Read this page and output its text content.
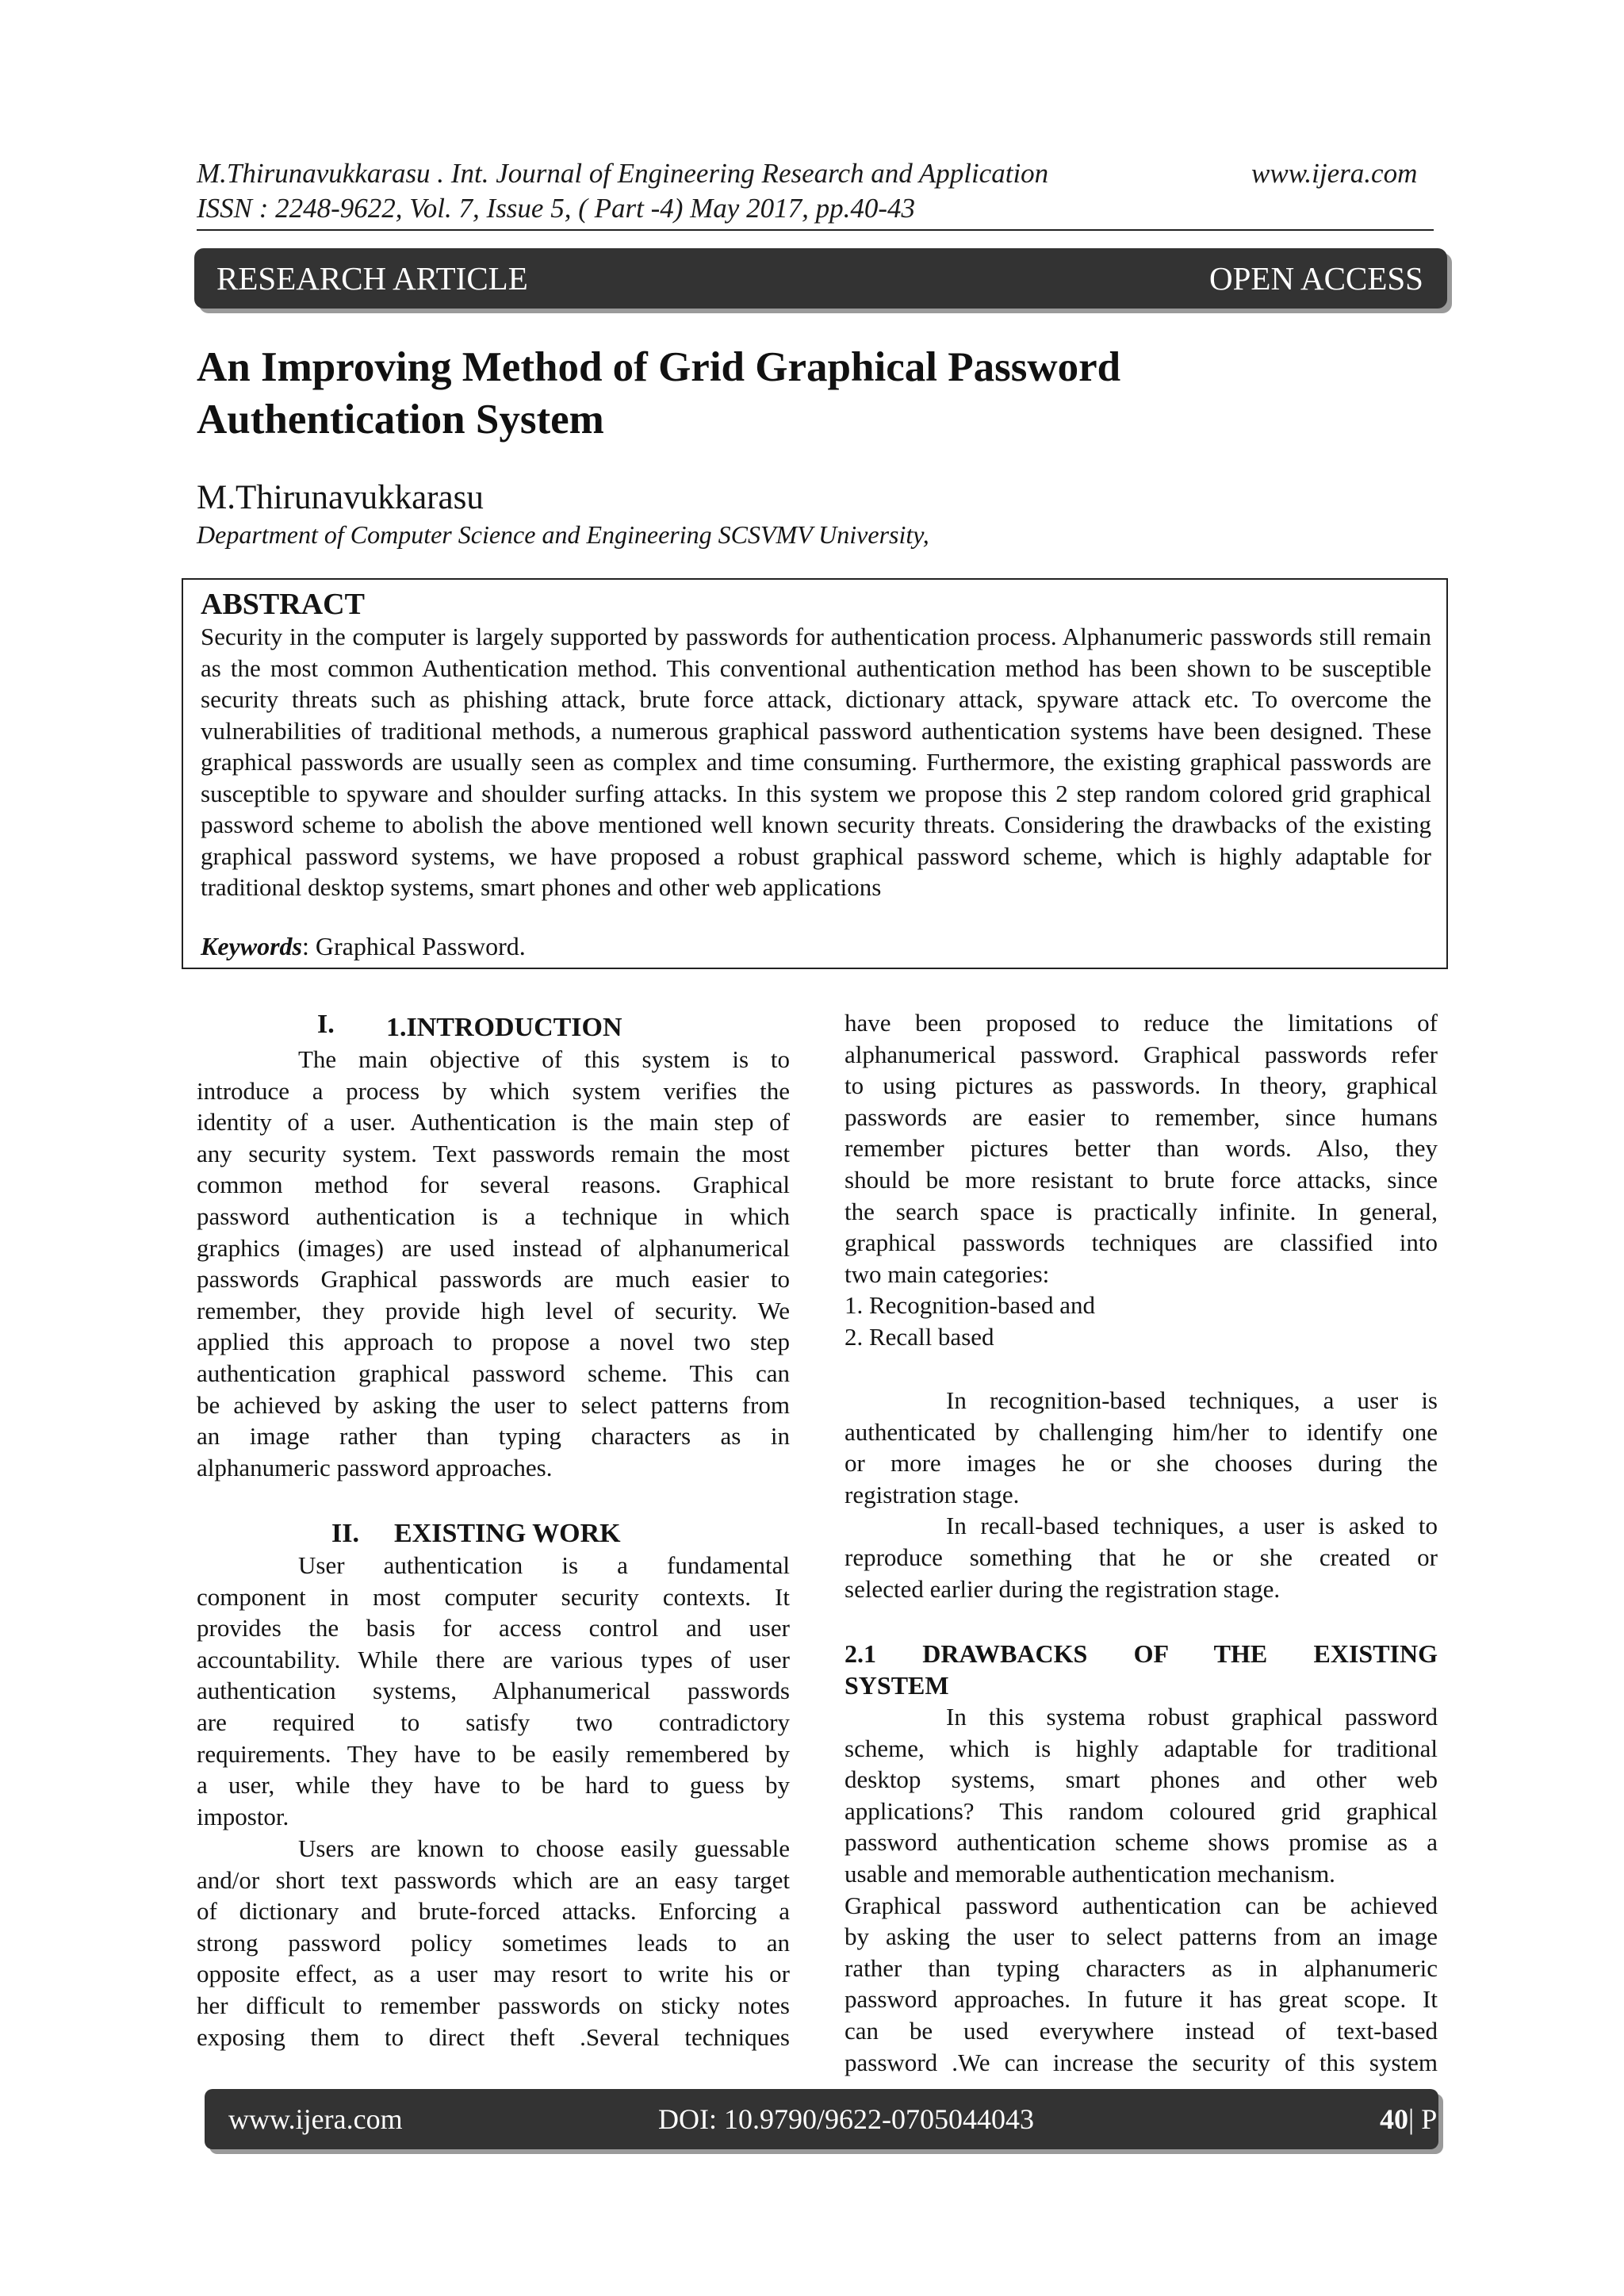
M.Thirunavukkarasu . Int. Journal of Engineering Research and Application	www.ijera.com
ISSN : 2248-9622, Vol. 7, Issue 5, ( Part -4) May 2017, pp.40-43
RESEARCH ARTICLE	OPEN ACCESS
An Improving Method of Grid Graphical Password
Authentication System
M.Thirunavukkarasu
Department of Computer Science and Engineering SCSVMV University,
ABSTRACT
Security in the computer is largely supported by passwords for authentication process. Alphanumeric passwords still remain as the most common Authentication method. This conventional authentication method has been shown to be susceptible security threats such as phishing attack, brute force attack, dictionary attack, spyware attack etc. To overcome the vulnerabilities of traditional methods, a numerous graphical password authentication systems have been designed. These graphical passwords are usually seen as complex and time consuming. Furthermore, the existing graphical passwords are susceptible to spyware and shoulder surfing attacks. In this system we propose this 2 step random colored grid graphical password scheme to abolish the above mentioned well known security threats. Considering the drawbacks of the existing graphical password systems, we have proposed a robust graphical password scheme, which is highly adaptable for traditional desktop systems, smart phones and other web applications
Keywords: Graphical Password.
I. 1.INTRODUCTION
The main objective of this system is to
introduce a process by which system verifies the
identity of a user. Authentication is the main step of
any security system. Text passwords remain the most
common method for several reasons. Graphical
password authentication is a technique in which
graphics (images) are used instead of alphanumerical
passwords Graphical passwords are much easier to
remember, they provide high level of security. We
applied this approach to propose a novel two step
authentication graphical password scheme. This can
be achieved by asking the user to select patterns from
an image rather than typing characters as in
alphanumeric password approaches.
II. EXISTING WORK
User authentication is a fundamental
component in most computer security contexts. It
provides the basis for access control and user
accountability. While there are various types of user
authentication systems, Alphanumerical passwords
are required to satisfy two contradictory
requirements. They have to be easily remembered by
a user, while they have to be hard to guess by
impostor.
Users are known to choose easily guessable
and/or short text passwords which are an easy target
of dictionary and brute-forced attacks. Enforcing a
strong password policy sometimes leads to an
opposite effect, as a user may resort to write his or
her difficult to remember passwords on sticky notes
exposing them to direct theft .Several techniques
have been proposed to reduce the limitations of
alphanumerical password. Graphical passwords refer
to using pictures as passwords. In theory, graphical
passwords are easier to remember, since humans
remember pictures better than words. Also, they
should be more resistant to brute force attacks, since
the search space is practically infinite. In general,
graphical passwords techniques are classified into
two main categories:
1. Recognition-based and
2. Recall based
In recognition-based techniques, a user is
authenticated by challenging him/her to identify one
or more images he or she chooses during the
registration stage.
In recall-based techniques, a user is asked to
reproduce something that he or she created or
selected earlier during the registration stage.
2.1 DRAWBACKS OF THE EXISTING
SYSTEM
In this systema robust graphical password
scheme, which is highly adaptable for traditional
desktop systems, smart phones and other web
applications? This random coloured grid graphical
password authentication scheme shows promise as a
usable and memorable authentication mechanism.
Graphical password authentication can be achieved
by asking the user to select patterns from an image
rather than typing characters as in alphanumeric
password approaches. In future it has great scope. It
can be used everywhere instead of text-based
password .We can increase the security of this system
www.ijera.com	DOI: 10.9790/9622-0705044043	40 | P a g e
